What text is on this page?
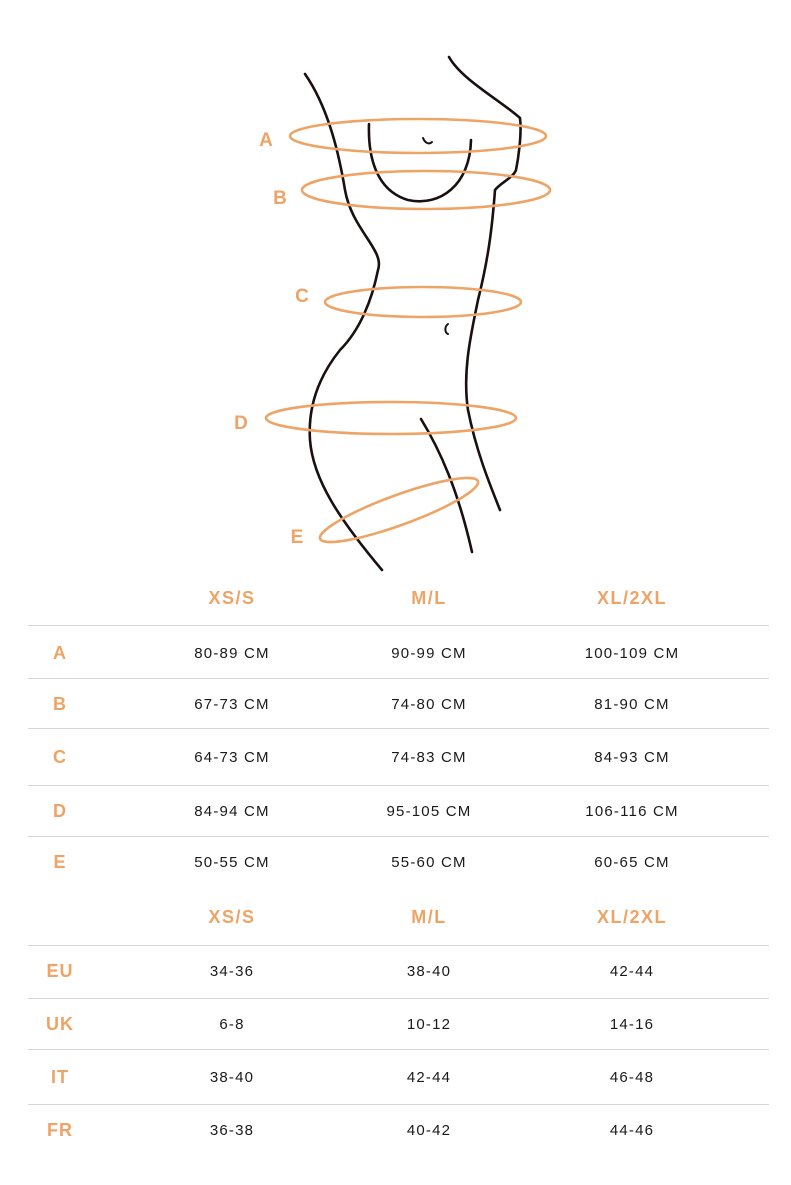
A
B
C
D
E
XS/S	M/L	XL/2XL
A	80-89 CM	90-99 CM	100-109 CM
B	67-73 CM	74-80 CM	81-90 CM
C	64-73 CM	74-83 CM	84-93 CM
D	84-94 CM	95-105 CM	106-116 CM
E	50-55 CM	55-60 CM	60-65 CM
XS/S	M/L	XL/2XL
EU	34-36	38-40	42-44
UK	6-8	10-12	14-16
IT	38-40	42-44	46-48
FR	36-38	40-42	44-46
